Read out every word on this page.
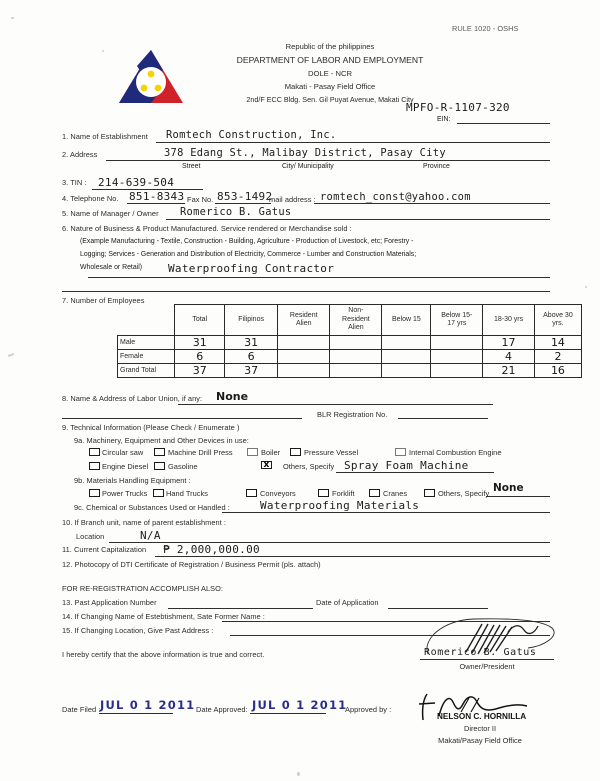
RULE 1020 - OSHS
Republic of the philippines
DEPARTMENT OF LABOR AND EMPLOYMENT
DOLE - NCR
Makati - Pasay Field Office
2nd/F ECC Bldg. Sen. Gil Puyat Avenue, Makati City
MPFO-R-1107-320
EIN:
1. Name of Establishment Romtech Construction, Inc.
2. Address	378 Edang St., Malibay District, Pasay City
Street	City/ Municipality	Province
3. TIN : 214-639-504
4. Telephone No. 851-8343 Fax No. 853-1492
mail address : romtech_const@yahoo.com
5. Name of Manager / Owner Romerico B. Gatus
6. Nature of Business & Product Manufactured. Service rendered or Merchandise sold :
(Example Manufacturing - Textile, Construction - Building, Agriculture - Production of Livestock, etc; Forestry -
Logging; Services - Generation and Distribution of Electricity, Commerce - Lumber and Construction Materials;
Wholesale or Retail) Waterproofing Contractor
7. Number of Employees
	Total	Filipinos	Resident
Alien	Non-
Resident
Alien	Below 15	Below 15-
17 yrs	18-30 yrs	Above 30
yrs.
Male	31	31					17	14
Female	6	6					4	2
Grand Total	37	37					21	16
8. Name & Address of Labor Union, if any: None
BLR Registration No.
9. Technical Information (Please Check / Enumerate )
9a. Machinery, Equipment and Other Devices in use:
Circular saw	Machine Drill Press	Boiler	Pressure Vessel	Internal Combustion Engine
Engine Diesel	Gasoline x	Others, Specify Spray Foam Machine
9b. Materials Handling Equipment :
Power Trucks	Hand Trucks	Conveyors	Forklift	Cranes	Others, Specify None
9c. Chemical or Substances Used or Handled :	Waterproofing Materials
10. If Branch unit, name of parent establishment :
Location	N/A
11. Current Capitalization ₱ 2,000,000.00
12. Photocopy of DTI Certificate of Registration / Business Permit (pls. attach)
FOR RE-REGISTRATION ACCOMPLISH ALSO:
13. Past Application Number	Date of Application
14. If Changing Name of Estebtishment, Sate Former Name :
15. If Changing Location, Give Past Address :
I hereby certify that the above information is true and correct.	Romerico B. Gatus
Owner/President
Date Filed : JUL 0 1 2011 Date Approved: JUL 0 1 2011
Approved by :
NELSON C. HORNILLA
Director II
Makati/Pasay Field Office
